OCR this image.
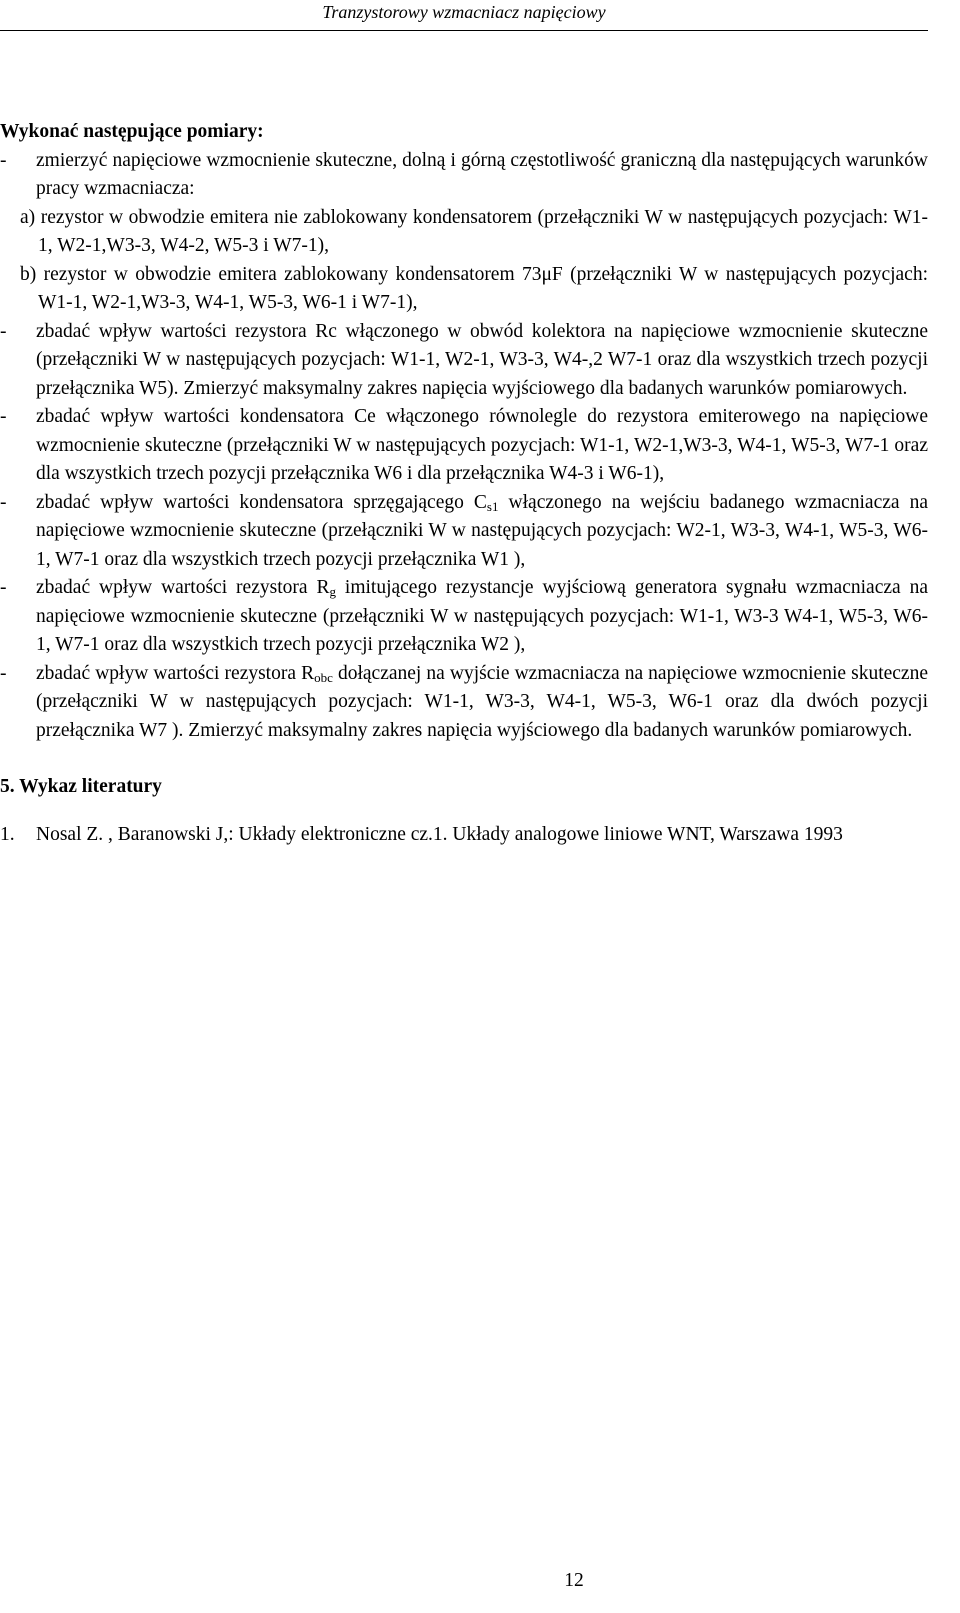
Tranzystorowy wzmacniacz napięciowy

Wykonać następujące pomiary:

- zmierzyć napięciowe wzmocnienie skuteczne, dolną i górną częstotliwość graniczną dla następujących warunków pracy wzmacniacza:

a) rezystor w obwodzie emitera nie zablokowany kondensatorem (przełączniki W w następujących pozycjach: W1-1, W2-1,W3-3, W4-2, W5-3 i W7-1),
b) rezystor w obwodzie emitera zablokowany kondensatorem 73μF (przełączniki W w następujących pozycjach: W1-1, W2-1,W3-3, W4-1, W5-3, W6-1 i W7-1),
- zbadać wpływ wartości rezystora Rc włączonego w obwód kolektora na napięciowe wzmocnienie skuteczne (przełączniki W w następujących pozycjach: W1-1, W2-1, W3-3, W4-,2 W7-1 oraz dla wszystkich trzech pozycji przełącznika W5). Zmierzyć maksymalny zakres napięcia wyjściowego dla badanych warunków pomiarowych.

- zbadać wpływ wartości kondensatora Ce włączonego równolegle do rezystora emiterowego na napięciowe wzmocnienie skuteczne (przełączniki W w następujących pozycjach: W1-1, W2-1,W3-3, W4-1, W5-3, W7-1 oraz dla wszystkich trzech pozycji przełącznika W6 i dla przełącznika W4-3 i W6-1),

- zbadać wpływ wartości kondensatora sprzęgającego $C_{s1}$ włączonego na wejściu badanego wzmacniacza na napięciowe wzmocnienie skuteczne (przełączniki W w następujących pozycjach: W2-1, W3-3, W4-1, W5-3, W6-1, W7-1 oraz dla wszystkich trzech pozycji przełącznika W1 ),

- zbadać wpływ wartości rezystora $R_g$ imitującego rezystancje wyjściową generatora sygnału wzmacniacza na napięciowe wzmocnienie skuteczne (przełączniki W w następujących pozycjach: W1-1, W3-3 W4-1, W5-3, W6-1, W7-1 oraz dla wszystkich trzech pozycji przełącznika W2 ),

- zbadać wpływ wartości rezystora $R_{obc}$ dołączanej na wyjście wzmacniacza na napięciowe wzmocnienie skuteczne (przełączniki W w następujących pozycjach: W1-1, W3-3, W4-1, W5-3, W6-1 oraz dla dwóch pozycji przełącznika W7 ). Zmierzyć maksymalny zakres napięcia wyjściowego dla badanych warunków pomiarowych.

5. Wykaz literatury

1. Nosal Z. , Baranowski J,: Układy elektroniczne cz.1. Układy analogowe liniowe WNT, Warszawa 1993
12
